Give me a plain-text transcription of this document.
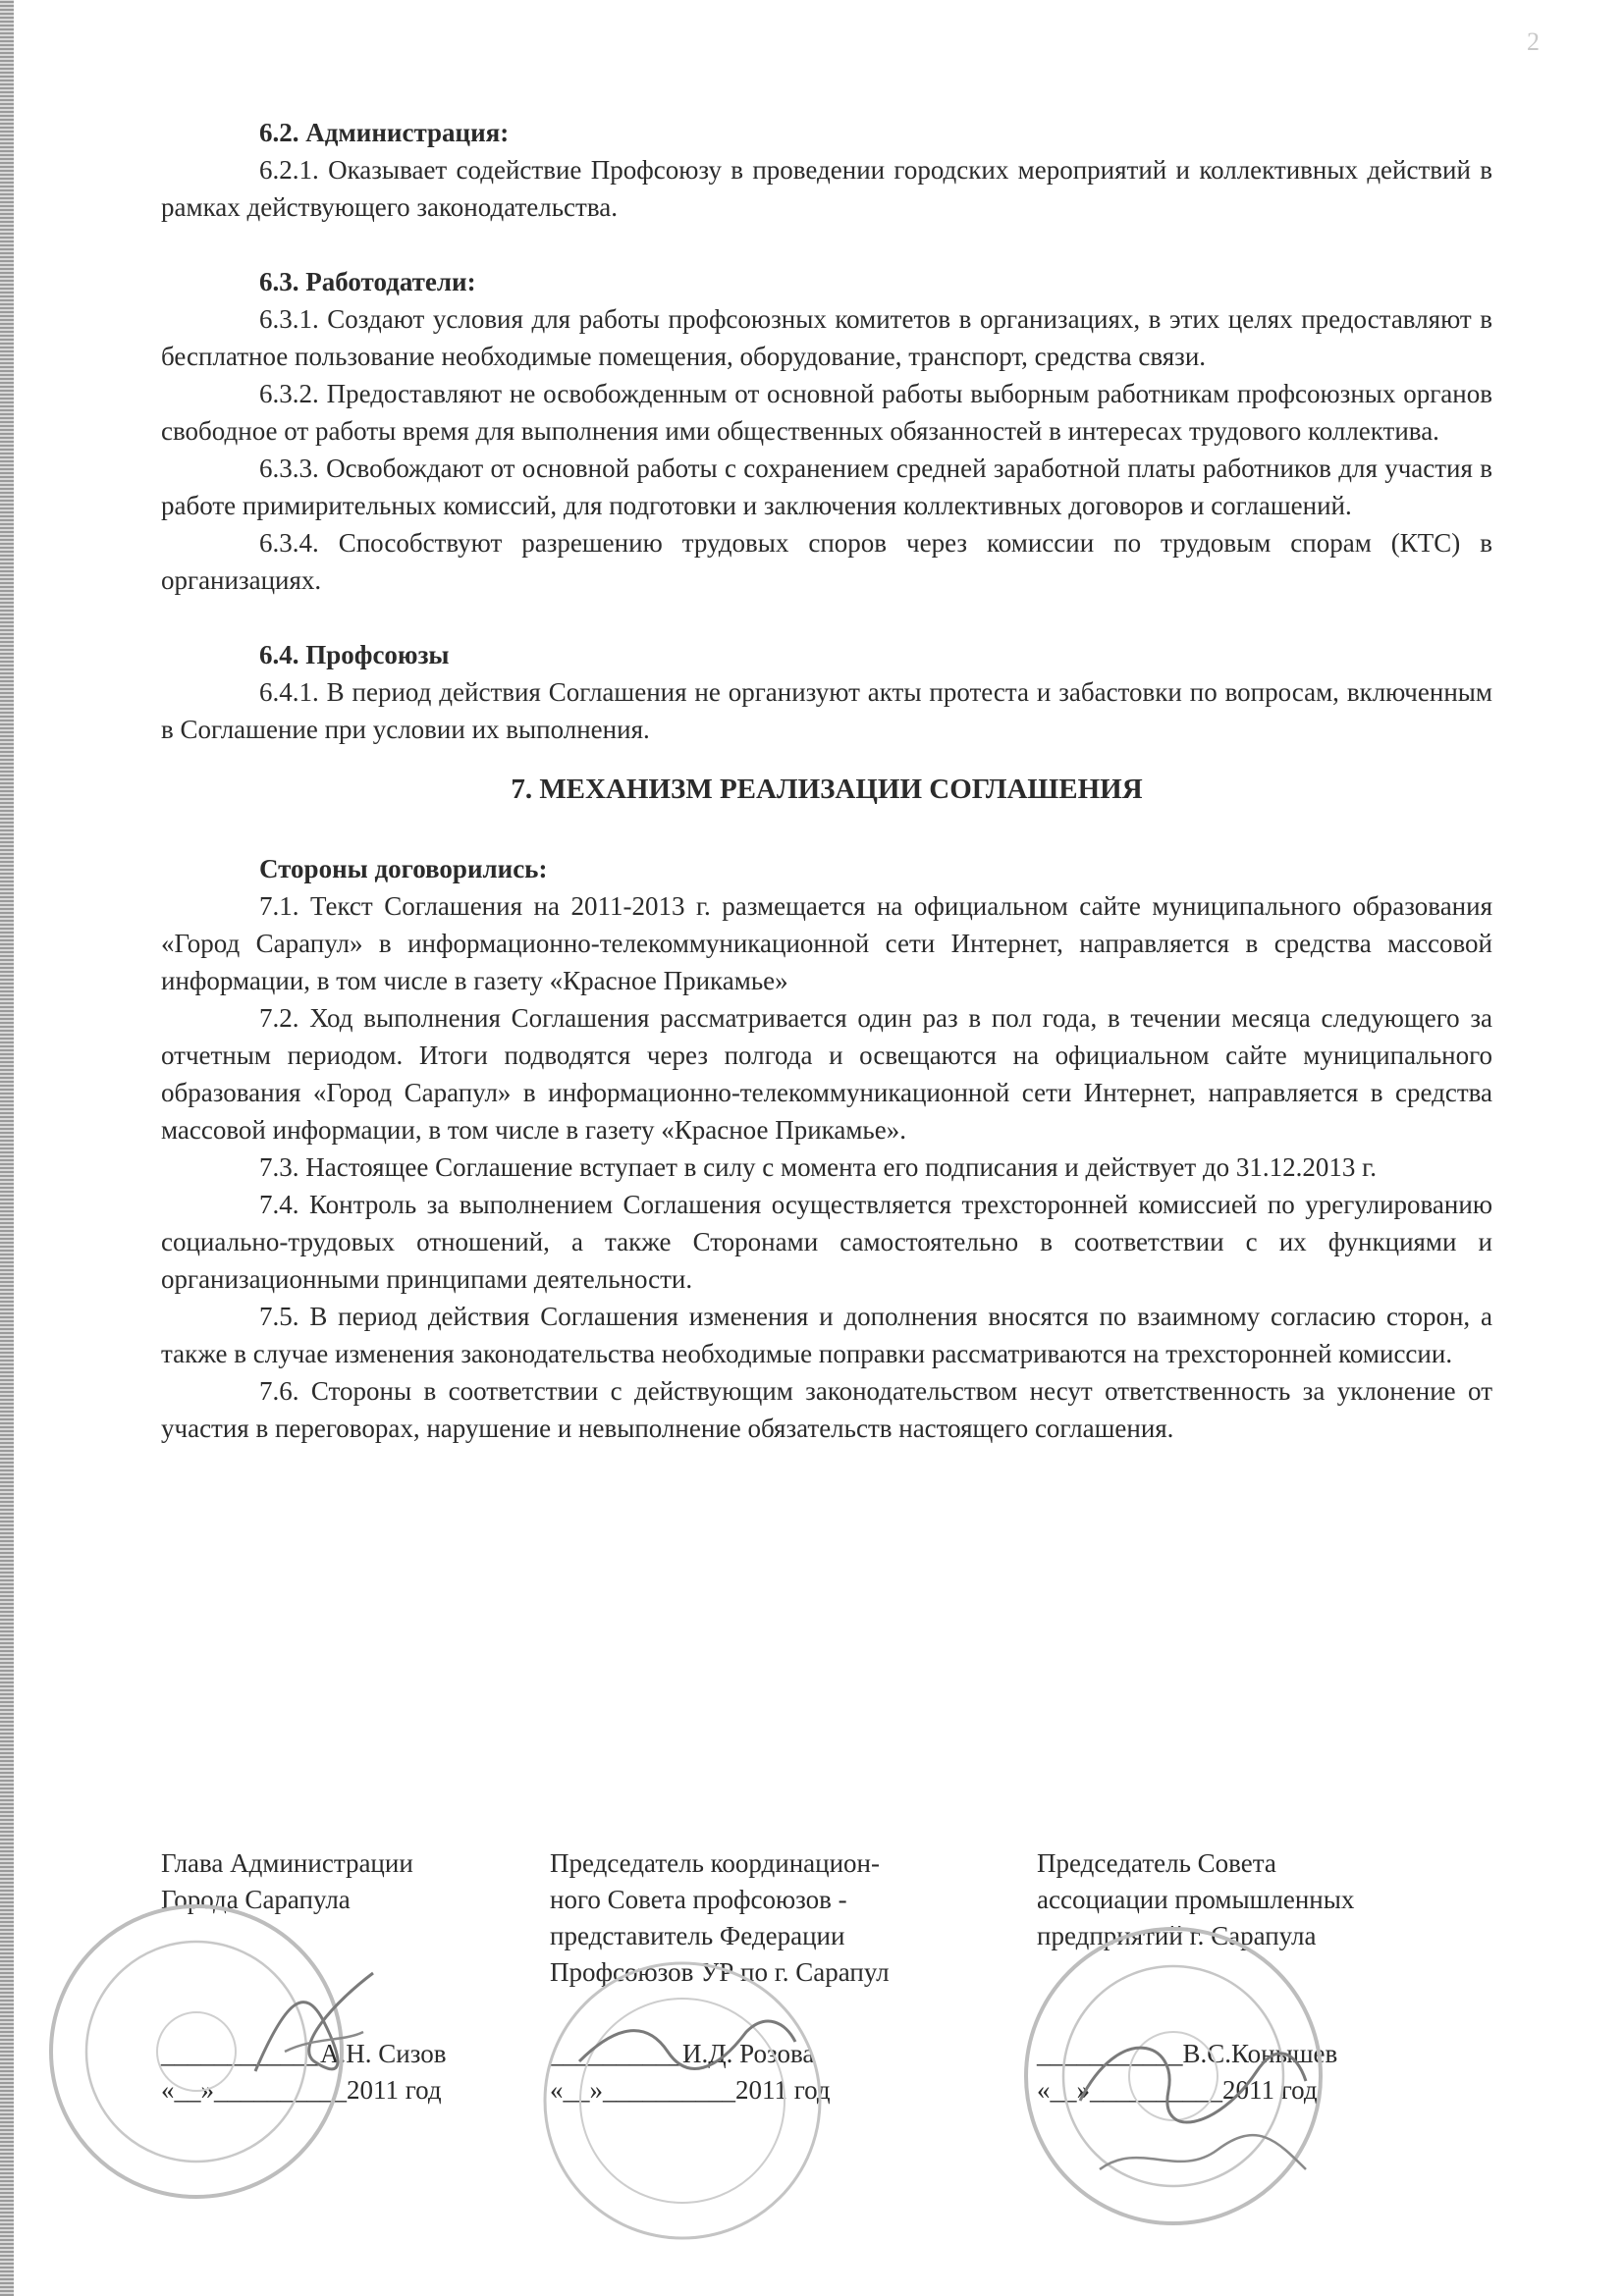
2

6.2. Администрация:

6.2.1. Оказывает содействие Профсоюзу в проведении городских мероприятий и коллективных действий в рамках действующего законодательства.

6.3. Работодатели:

6.3.1. Создают условия для работы профсоюзных комитетов в организациях, в этих целях предоставляют в бесплатное пользование необходимые помещения, оборудование, транспорт, средства связи.

6.3.2. Предоставляют не освобожденным от основной работы выборным работникам профсоюзных органов свободное от работы время для выполнения ими общественных обязанностей в интересах трудового коллектива.

6.3.3. Освобождают от основной работы с сохранением средней заработной платы работников для участия в работе примирительных комиссий, для подготовки и заключения коллективных договоров и соглашений.

6.3.4. Способствуют разрешению трудовых споров через комиссии по трудовым спорам (КТС) в организациях.

6.4. Профсоюзы

6.4.1. В период действия Соглашения не организуют акты протеста и забастовки по вопросам, включенным в Соглашение при условии их выполнения.

7. МЕХАНИЗМ РЕАЛИЗАЦИИ СОГЛАШЕНИЯ

Стороны договорились:

7.1. Текст Соглашения на 2011-2013 г. размещается на официальном сайте муниципального образования «Город Сарапул» в информационно-телекоммуникационной сети Интернет, направляется в средства массовой информации, в том числе в газету «Красное Прикамье»

7.2. Ход выполнения Соглашения рассматривается один раз в пол года, в течении месяца следующего за отчетным периодом. Итоги подводятся через полгода и освещаются на официальном сайте муниципального образования «Город Сарапул» в информационно-телекоммуникационной сети Интернет, направляется в средства массовой информации, в том числе в газету «Красное Прикамье».

7.3. Настоящее Соглашение вступает в силу с момента его подписания и действует до 31.12.2013 г.

7.4. Контроль за выполнением Соглашения осуществляется трехсторонней комиссией по урегулированию социально-трудовых отношений, а также Сторонами самостоятельно в соответствии с их функциями и организационными принципами деятельности.

7.5. В период действия Соглашения изменения и дополнения вносятся по взаимному согласию сторон, а также в случае изменения законодательства необходимые поправки рассматриваются на трехсторонней комиссии.

7.6. Стороны в соответствии с действующим законодательством несут ответственность за уклонение от участия в переговорах, нарушение и невыполнение обязательств настоящего соглашения.

Глава Администрации
Города Сарапула
____________А.Н. Сизов
«__»__________2011 год
Председатель координацион-
ного Совета профсоюзов -
представитель Федерации
Профсоюзов УР по г. Сарапул
__________И.Д. Розова
«__»__________2011 год
Председатель Совета
ассоциации промышленных
предприятий г. Сарапула
___________В.С.Конышев
«__»__________2011 год
